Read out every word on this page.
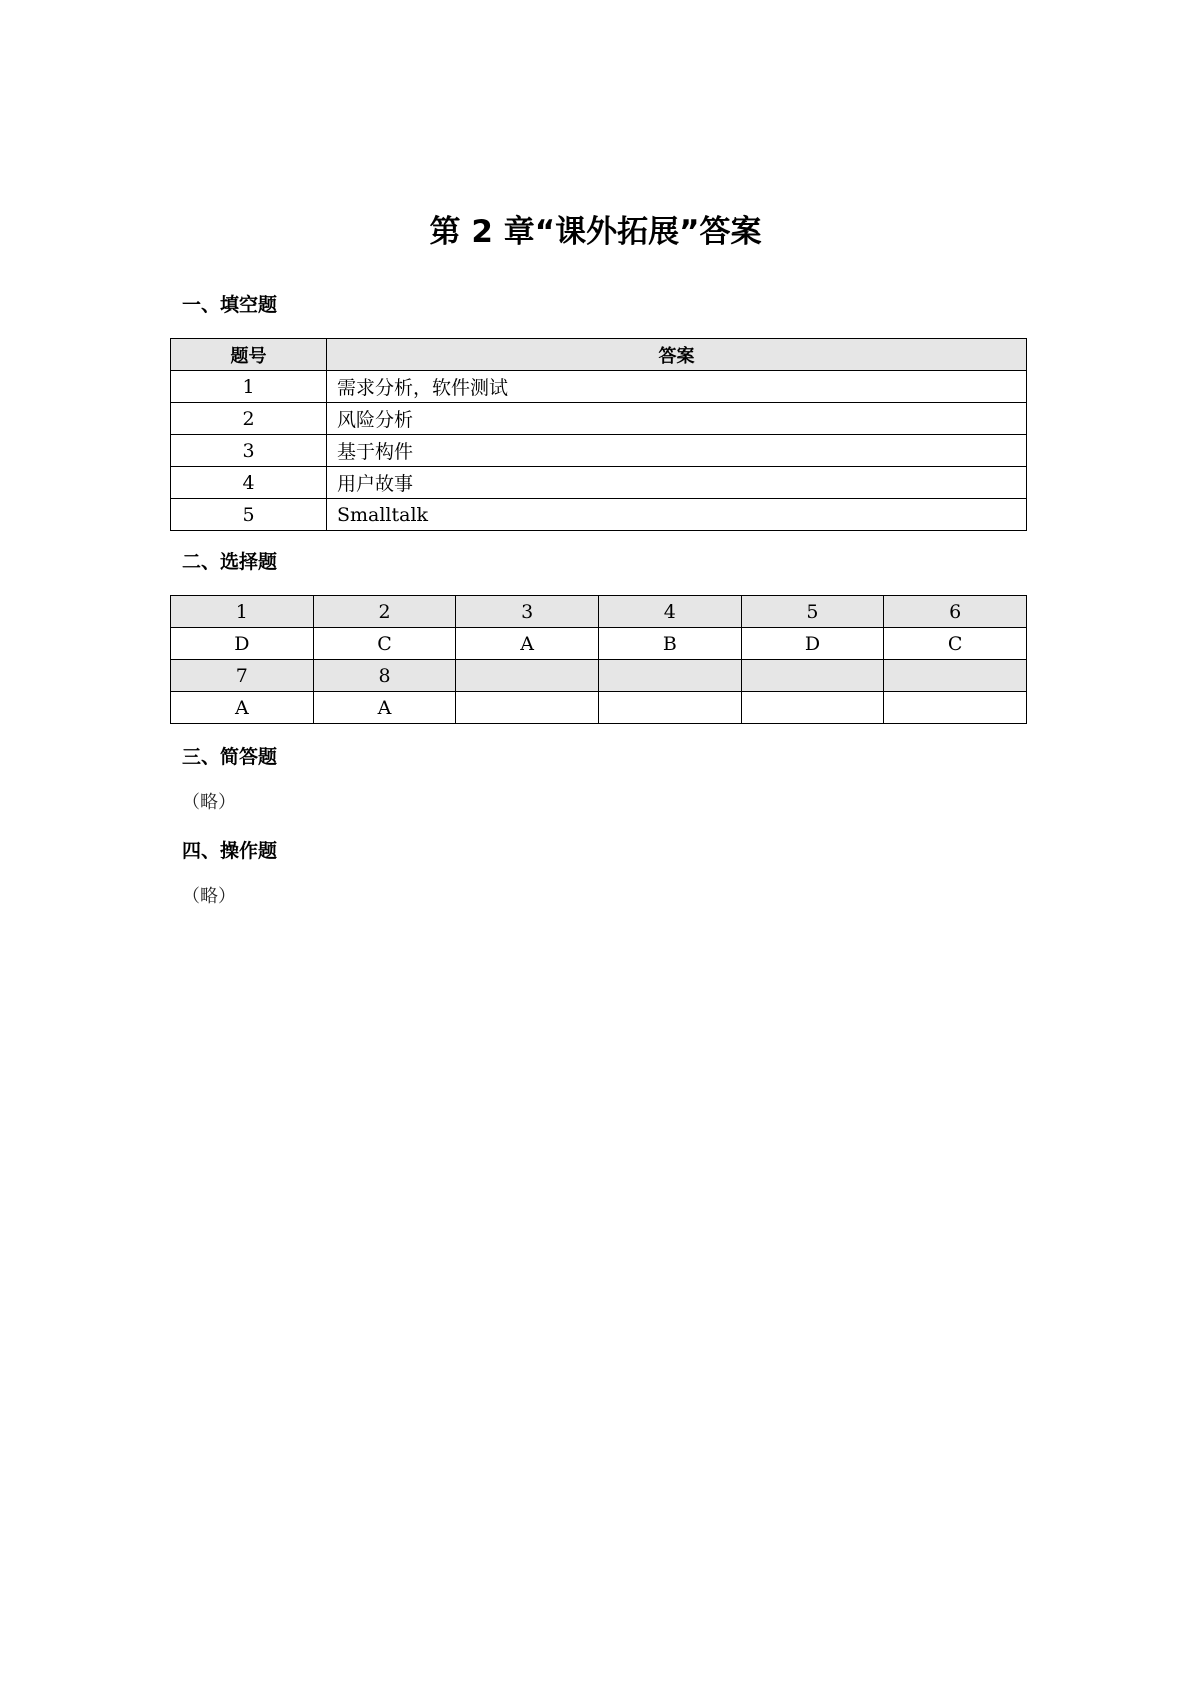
第 2 章“课外拓展”答案
一、填空题
题号	答案
1	需求分析，软件测试
2	风险分析
3	基于构件
4	用户故事
5	Smalltalk
二、选择题
1	2	3	4	5	6
D	C	A	B	D	C
7	8				
A	A				
三、简答题

（略）

四、操作题

（略）
